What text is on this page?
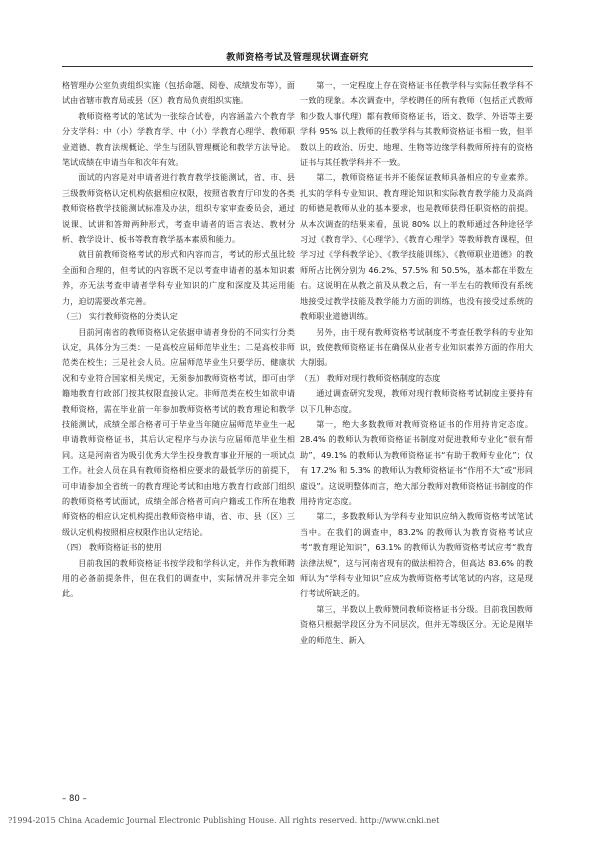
教师资格考试及管理现状调查研究

格管理办公室负责组织实施（包括命题、阅卷、成绩发布等），面试由省辖市教育局或县（区）教育局负责组织实施。

教师资格考试的笔试为一张综合试卷，内容涵盖六个教育学分支学科：中（小）学教育学、中（小）学教育心理学、教师职业道德、教育法规概论、学生与团队管理概论和教学方法导论。笔试成绩在申请当年和次年有效。

面试的内容是对申请者进行教育教学技能测试，省、市、县三级教师资格认定机构依据相应权限，按照省教育厅印发的各类教师资格教学技能测试标准及办法，组织专家审查委员会，通过说课、试讲和答辩两种形式，考查申请者的语言表达、教材分析、教学设计、板书等教育教学基本素质和能力。

就目前教师资格考试的形式和内容而言，考试的形式虽比较全面和合理的，但考试的内容既不足以考查申请者的基本知识素养，亦无法考查申请者学科专业知识的广度和深度及其运用能力，迫切需要改革完善。

（三） 实行教师资格的分类认定

目前河南省的教师资格认定依据申请者身份的不同实行分类认定，具体分为三类：一是高校应届师范毕业生；二是高校非师范类在校生；三是社会人员。应届师范毕业生只要学历、健康状况和专业符合国家相关规定，无须参加教师资格考试，即可由学籍地教育行政部门按其权限直接认定。非师范类在校生如欲申请教师资格，需在毕业前一年参加教师资格考试的教育理论和教学技能测试，成绩全部合格者可于毕业当年随应届师范毕业生一起申请教师资格证书，其后认定程序与办法与应届师范毕业生相同。这是河南省为吸引优秀大学生投身教育事业开展的一项试点工作。社会人员在具有教师资格相应要求的最低学历的前提下，可申请参加全省统一的教育理论考试和由地方教育行政部门组织的教师资格考试面试，成绩全部合格者可向户籍或工作所在地教师资格的相应认定机构提出教师资格申请，省、市、县（区）三级认定机构按照相应权限作出认定结论。

（四） 教师资格证书的使用

目前我国的教师资格证书按学段和学科认定，并作为教师聘用的必备前提条件，但在我们的调查中，实际情况并非完全如此。

第一，一定程度上存在资格证书任教学科与实际任教学科不一致的现象。本次调查中，学校聘任的所有教师（包括正式教师和少数人事代理）都有教师资格证书，语文、数学、外语等主要学科 95% 以上教师的任教学科与其教师资格证书相一致，但半数以上的政治、历史、地理、生物等边缘学科教师所持有的资格证书与其任教学科并不一致。

第二，教师资格证书并不能保证教师具备相应的专业素养。扎实的学科专业知识、教育理论知识和实际教育教学能力及高尚的师德是教师从业的基本要求，也是教师获得任职资格的前提。从本次调查的结果来看，虽说 80% 以上的教师通过各种途径学习过《教育学》、《心理学》、《教育心理学》等教师教育课程，但学习过《学科教学论》、《教学技能训练》、《教师职业道德》的教师所占比例分别为 46.2%、57.5% 和 50.5%，基本都在半数左右。这说明在从教之前及从教之后，有一半左右的教师没有系统地接受过教学技能及教学能力方面的训练，也没有接受过系统的教师职业道德训练。

另外，由于现有教师资格考试制度不考查任教学科的专业知识，致使教师资格证书在确保从业者专业知识素养方面的作用大大削弱。

（五） 教师对现行教师资格制度的态度

通过调查研究发现，教师对现行教师资格考试制度主要持有以下几种态度。

第一，绝大多数教师对教师资格证书的作用持肯定态度。28.4% 的教师认为教师资格证书制度对促进教师专业化“很有帮助”，49.1% 的教师认为教师资格证书“有助于教师专业化”；仅有 17.2% 和 5.3% 的教师认为教师资格证书“作用不大”或“形同虚设”。这说明整体而言，绝大部分教师对教师资格证书制度的作用持肯定态度。

第二，多数教师认为学科专业知识应纳入教师资格考试笔试当中。在我们的调查中，83.2% 的教师认为教育资格考试应考“教育理论知识”，63.1% 的教师认为教师资格考试应考“教育法律法规”，这与河南省现有的做法相符合，但高达 83.6% 的教师认为“学科专业知识”应成为教师资格考试笔试的内容，这是现行考试所缺乏的。

第三，半数以上教师赞同教师资格证书分级。目前我国教师资格只根据学段区分为不同层次，但并无等级区分。无论是刚毕业的师范生、新入

– 80 –
?1994-2015 China Academic Journal Electronic Publishing House. All rights reserved. http://www.cnki.net
